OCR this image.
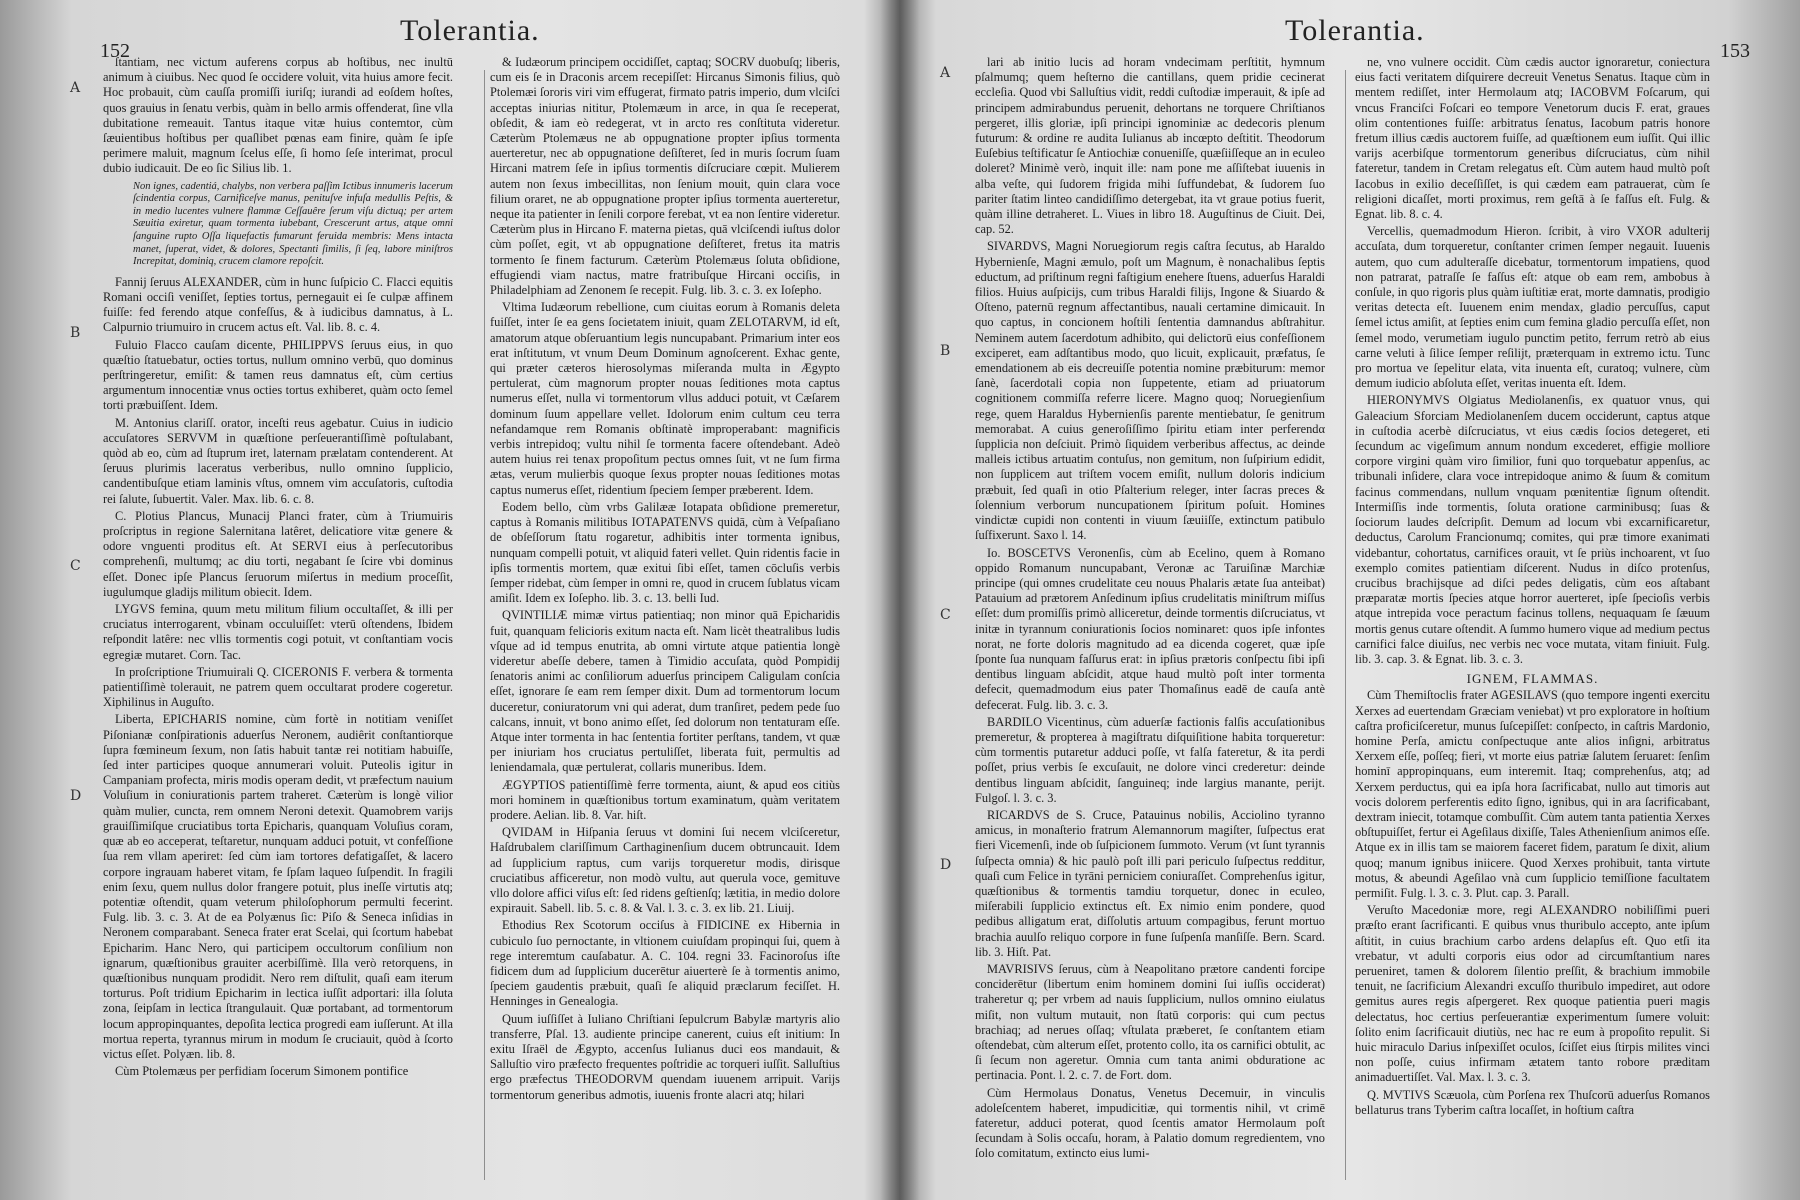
Tolerantia.
152
A
B
C
D

ſtantiam, nec victum auferens corpus ab hoſtibus, nec inultū animum à ciuibus. Nec quod ſe occidere voluit, vita huius amore fecit. Hoc probauit, cùm cauſſa promiſſi iuriſq; iurandi ad eoſdem hoſtes, quos grauius in ſenatu verbis, quàm in bello armis offenderat, ſine vlla dubitatione remeauit. Tantus itaque vitæ huius contemtor, cùm ſæuientibus hoſtibus per quaſlibet pœnas eam finire, quàm ſe ipſe perimere maluit, magnum ſcelus eſſe, ſi homo ſeſe interimat, procul dubio iudicauit. De eo ſic Silius lib. 1.

Non ignes, cadentiá, chalybs, non verbera paſſim Ictibus innumeris lacerum ſcindentia corpus, Carnificeſve manus, penituſve infuſa medullis Peſtis, & in medio lucentes vulnere flammæ Ceſſauêre ſerum viſu dictuq; per artem Sæuitia exiretur, quam tormenta iubebant, Crescerunt artus, atque omni ſanguine rupto Oſſa liquefactis fumarunt feruida membris: Mens intacta manet, ſuperat, videt, & dolores, Spectanti ſimilis, ſi ſeq, labore miniſtros Increpitat, dominiq, crucem clamore repoſcit.

Fannij ſeruus ALEXANDER, cùm in hunc ſuſpicio C. Flacci equitis Romani occiſi veniſſet, ſepties tortus, pernegauit ei ſe culpæ affinem fuiſſe: fed ferendo atque confeſſus, & à iudicibus damnatus, à L. Calpurnio triumuiro in crucem actus eſt. Val. lib. 8. c. 4.

Fuluio Flacco cauſam dicente, PHILIPPVS ſeruus eius, in quo quæſtio ſtatuebatur, octies tortus, nullum omnino verbū, quo dominus perſtringeretur, emiſit: & tamen reus damnatus eſt, cùm certius argumentum innocentiæ vnus octies tortus exhiberet, quàm octo ſemel torti præbuiſſent. Idem.

M. Antonius clariſſ. orator, inceſti reus agebatur. Cuius in iudicio accuſatores SERVVM in quæſtione perſeuerantiſſimè poſtulabant, quòd ab eo, cùm ad ſtuprum iret, laternam prælatam contenderent. At ſeruus plurimis laceratus verberibus, nullo omnino ſupplicio, candentibuſque etiam laminis vſtus, omnem vim accuſatoris, cuſtodia rei ſalute, ſubuertit. Valer. Max. lib. 6. c. 8.

C. Plotius Plancus, Munacij Planci frater, cùm à Triumuiris proſcriptus in regione Salernitana latêret, delicatiore vitæ genere & odore vnguenti proditus eſt. At SERVI eius à perſecutoribus comprehenſi, multumq; ac diu torti, negabant ſe ſcire vbi dominus eſſet. Donec ipſe Plancus ſeruorum miſertus in medium proceſſit, iugulumque gladijs militum obiecit. Idem.

LYGVS femina, quum metu militum filium occultaſſet, & illi per cruciatus interrogarent, vbinam occuluiſſet: vterū oſtendens, Ibidem reſpondit latêre: nec vllis tormentis cogi potuit, vt conſtantiam vocis egregiæ mutaret. Corn. Tac.

In proſcriptione Triumuirali Q. CICERONIS F. verbera & tormenta patientiſſimè tolerauit, ne patrem quem occultarat prodere cogeretur. Xiphilinus in Auguſto.

Liberta, EPICHARIS nomine, cùm fortè in notitiam veniſſet Piſonianæ conſpirationis aduerſus Neronem, audiêrit conſtantiorque ſupra fœmineum ſexum, non ſatis habuit tantæ rei notitiam habuiſſe, ſed inter participes quoque annumerari voluit. Puteolis igitur in Campaniam profecta, miris modis operam dedit, vt præfectum nauium Voluſium in coniurationis partem traheret. Cæterùm is longè vilior quàm mulier, cuncta, rem omnem Neroni detexit. Quamobrem varijs grauiſſimiſque cruciatibus torta Epicharis, quanquam Voluſius coram, quæ ab eo acceperat, teſtaretur, nunquam adduci potuit, vt confeſſione ſua rem vllam aperiret: ſed cùm iam tortores defatigaſſet, & lacero corpore ingrauam haberet vitam, fe ſpſam laqueo ſuſpendit. In fragili enim ſexu, quem nullus dolor frangere potuit, plus ineſſe virtutis atq; potentiæ oſtendit, quam veterum philoſophorum permulti fecerint. Fulg. lib. 3. c. 3. At de ea Polyænus ſic: Piſo & Seneca inſidias in Neronem comparabant. Seneca frater erat Scelai, qui ſcortum habebat Epicharim. Hanc Nero, qui participem occultorum conſilium non ignarum, quæſtionibus grauiter acerbiſſimè. Illa verò retorquens, in quæſtionibus nunquam prodidit. Nero rem diſtulit, quaſi eam iterum torturus. Poſt tridium Epicharim in lectica iuſſit adportari: illa ſoluta zona, ſeipſam in lectica ſtrangulauit. Quæ portabant, ad tormentorum locum appropinquantes, depoſita lectica progredi eam iuſſerunt. At illa mortua reperta, tyrannus mirum in modum ſe cruciauit, quòd à ſcorto victus eſſet. Polyæn. lib. 8.

Cùm Ptolemæus per perfidiam ſocerum Simonem pontifice

& Iudæorum principem occidiſſet, captaq; SOCRV duobuſq; liberis, cum eis ſe in Draconis arcem recepiſſet: Hircanus Simonis filius, quò Ptolemæi ſororis viri vim effugerat, firmato patris imperio, dum vlciſci acceptas iniurias nititur, Ptolemæum in arce, in qua ſe receperat, obſedit, & iam eò redegerat, vt in arcto res conſtituta videretur. Cæterùm Ptolemæus ne ab oppugnatione propter ipſius tormenta auerteretur, nec ab oppugnatione deſiſteret, ſed in muris ſocrum ſuam Hircani matrem ſeſe in ipſius tormentis diſcruciare cœpit. Mulierem autem non ſexus imbecillitas, non ſenium mouit, quin clara voce filium oraret, ne ab oppugnatione propter ipſius tormenta auerteretur, neque ita patienter in ſenili corpore ferebat, vt ea non ſentire videretur. Cæterùm plus in Hircano F. materna pietas, quā vlciſcendi iuſtus dolor cùm poſſet, egit, vt ab oppugnatione deſiſteret, fretus ita matris tormento ſe finem facturum. Cæterùm Ptolemæus ſoluta obſidione, effugiendi viam nactus, matre fratribuſque Hircani occiſis, in Philadelphiam ad Zenonem ſe recepit. Fulg. lib. 3. c. 3. ex Ioſepho.

Vltima Iudæorum rebellione, cum ciuitas eorum à Romanis deleta fuiſſet, inter ſe ea gens ſocietatem iniuit, quam ZELOTARVM, id eſt, amatorum atque obſeruantium legis nuncupabant. Primarium inter eos erat inſtitutum, vt vnum Deum Dominum agnoſcerent. Exhac gente, qui præter cæteros hierosolymas miſeranda multa in Ægypto pertulerat, cùm magnorum propter nouas ſeditiones mota captus numerus eſſet, nulla vi tormentorum vllus adduci potuit, vt Cæſarem dominum ſuum appellare vellet. Idolorum enim cultum ceu terra nefandamque rem Romanis obſtinatè improperabant: magnificis verbis intrepidoq; vultu nihil ſe tormenta facere oſtendebant. Adeò autem huius rei tenax propoſitum pectus omnes ſuit, vt ne ſum firma ætas, verum mulierbis quoque ſexus propter nouas ſeditiones motas captus numerus eſſet, ridentium ſpeciem ſemper præberent. Idem.

Eodem bello, cùm vrbs Galilææ Iotapata obſidione premeretur, captus à Romanis militibus IOTAPATENVS quidā, cùm à Veſpaſiano de obſeſſorum ſtatu rogaretur, adhibitis inter tormenta ignibus, nunquam compelli potuit, vt aliquid fateri vellet. Quin ridentis facie in ipſis tormentis mortem, quæ exitui ſibi eſſet, tamen cōcluſis verbis ſemper ridebat, cùm ſemper in omni re, quod in crucem ſublatus vicam amiſit. Idem ex Ioſepho. lib. 3. c. 13. belli Iud.

QVINTILIÆ mimæ virtus patientiaq; non minor quā Epicharidis fuit, quanquam felicioris exitum nacta eſt. Nam licèt theatralibus ludis vſque ad id tempus enutrita, ab omni virtute atque patientia longè videretur abeſſe debere, tamen à Timidio accuſata, quòd Pompidij ſenatoris animi ac conſiliorum aduerſus principem Caligulam conſcia eſſet, ignorare ſe eam rem ſemper dixit. Dum ad tormentorum locum duceretur, coniuratorum vni qui aderat, dum tranſiret, pedem pede ſuo calcans, innuit, vt bono animo eſſet, ſed dolorum non tentaturam eſſe. Atque inter tormenta in hac ſententia fortiter perſtans, tandem, vt quæ per iniuriam hos cruciatus pertuliſſet, liberata fuit, permultis ad leniendamala, quæ pertulerat, collaris muneribus. Idem.

ÆGYPTIOS patientiſſimè ferre tormenta, aiunt, & apud eos citiùs mori hominem in quæſtionibus tortum examinatum, quàm veritatem prodere. Aelian. lib. 8. Var. hiſt.

QVIDAM in Hiſpania ſeruus vt domini ſui necem vlciſceretur, Haſdrubalem clariſſimum Carthaginenſium ducem obtruncauit. Idem ad ſupplicium raptus, cum varijs torqueretur modis, dirisque cruciatibus afficeretur, non modò vultu, aut querula voce, gemituve vllo dolore affici viſus eſt: ſed ridens geſtienſq; lætitia, in medio dolore expirauit. Sabell. lib. 5. c. 8. & Val. l. 3. c. 3. ex lib. 21. Liuij.

Ethodius Rex Scotorum occiſus à FIDICINE ex Hibernia in cubiculo ſuo pernoctante, in vltionem cuiuſdam propinqui ſui, quem à rege interemtum cauſabatur. A. C. 104. regni 33. Facinoroſus iſte fidicem dum ad ſupplicium ducerētur aiuerterè ſe à tormentis animo, ſpeciem gaudentis præbuit, quaſi ſe aliquid præclarum feciſſet. H. Henninges in Genealogia.

Quum iuſſiſſet à Iuliano Chriſtiani ſepulcrum Babylæ martyris alio transferre, Pſal. 13. audiente principe canerent, cuius eſt initium: In exitu Iſraël de Ægypto, accenſus Iulianus duci eos mandauit, & Salluſtio viro præfecto frequentes poſtridie ac torqueri iuſſit. Salluſtius ergo præfectus THEODORVM quendam iuuenem arripuit. Varijs tormentorum generibus admotis, iuuenis fronte alacri atq; hilari

Tolerantia.
153
A
B
C
D

lari ab initio lucis ad horam vndecimam perſtitit, hymnum pſalmumq; quem heſterno die cantillans, quem pridie cecinerat eccleſia. Quod vbi Salluſtius vidit, reddi cuſtodiæ imperauit, & ipſe ad principem admirabundus peruenit, dehortans ne torquere Chriſtianos pergeret, illis gloriæ, ipſi principi ignominiæ ac dedecoris plenum futurum: & ordine re audita Iulianus ab incœpto deſtitit. Theodorum Euſebius teſtificatur ſe Antiochiæ conueniſſe, quæſiiſſeque an in eculeo doleret? Minimè verò, inquit ille: nam pone me aſſiſtebat iuuenis in alba veſte, qui ſudorem frigida mihi ſuffundebat, & ſudorem ſuo pariter ſtatim linteo candidiſſimo detergebat, ita vt graue potius fuerit, quàm illine detraheret. L. Viues in libro 18. Auguſtinus de Ciuit. Dei, cap. 52.

SIVARDVS, Magni Noruegiorum regis caſtra ſecutus, ab Haraldo Hybernienſe, Magni æmulo, poſt um Magnum, è nonachalibus ſeptis eductum, ad priſtinum regni faſtigium enehere ſtuens, aduerſus Haraldi filios. Huius auſpicijs, cum tribus Haraldi filijs, Ingone & Siuardo & Oſteno, paternū regnum affectantibus, nauali certamine dimicauit. In quo captus, in concionem hoſtili ſententia damnandus abſtrahitur. Neminem autem ſacerdotum adhibito, qui delictorū eius confeſſionem exciperet, eam adſtantibus modo, quo licuit, explicauit, præfatus, ſe emendationem ab eis decreuiſſe potentia nomine præbiturum: memor ſanè, ſacerdotali copia non ſuppetente, etiam ad priuatorum cognitionem commiſſa referre licere. Magno quoq; Noruegienſium rege, quem Haraldus Hybernienſis parente mentiebatur, ſe genitrum memorabat. A cuius generoſiſſimo ſpiritu etiam inter perferendα ſupplicia non deſciuit. Primò ſiquidem verberibus affectus, ac deinde malleis ictibus artuatim contuſus, non gemitum, non ſuſpirium edidit, non ſupplicem aut triſtem vocem emiſit, nullum doloris indicium præbuit, ſed quaſi in otio Pſalterium releger, inter ſacras preces & ſolennium verborum nuncupationem ſpiritum poſuit. Homines vindictæ cupidi non contenti in viuum ſæuiiſſe, extinctum patibulo ſuſfixerunt. Saxo l. 14.

Io. BOSCETVS Veronenſis, cùm ab Ecelino, quem à Romano oppido Romanum nuncupabant, Veronæ ac Taruiſinæ Marchiæ principe (qui omnes crudelitate ceu nouus Phalaris ætate ſua anteibat) Patauium ad prætorem Anſedinum ipſius crudelitatis miniſtrum miſſus eſſet: dum promiſſis primò alliceretur, deinde tormentis diſcruciatus, vt initæ in tyrannum coniurationis ſocios nominaret: quos ipſe infontes norat, ne forte doloris magnitudo ad ea dicenda cogeret, quæ ipſe ſponte ſua nunquam faſſurus erat: in ipſius prætoris conſpectu ſibi ipſi dentibus linguam abſcidit, atque haud multò poſt inter tormenta defecit, quemadmodum eius pater Thomaſinus eadē de cauſa antè defecerat. Fulg. lib. 3. c. 3.

BARDILO Vicentinus, cùm aduerſæ factionis falſis accuſationibus premeretur, & propterea à magiſtratu diſquiſitione habita torqueretur: cùm tormentis putaretur adduci poſſe, vt falſa fateretur, & ita perdi poſſet, prius verbis ſe excuſauit, ne dolore vinci crederetur: deinde dentibus linguam abſcidit, ſanguineq; inde largius manante, perijt. Fulgoſ. l. 3. c. 3.

RICARDVS de S. Cruce, Patauinus nobilis, Acciolino tyranno amicus, in monaſterio fratrum Alemannorum magiſter, ſuſpectus erat fieri Vicemenſi, inde ob ſuſpicionem ſummoto. Verum (vt ſunt tyrannis ſuſpecta omnia) & hic paulò poſt illi pari periculo ſuſpectus redditur, quaſi cum Felice in tyrāni perniciem coniuraſſet. Comprehenſus igitur, quæſtionibus & tormentis tamdiu torquetur, donec in eculeo, miſerabili ſupplicio extinctus eſt. Ex nimio enim pondere, quod pedibus alligatum erat, diſſolutis artuum compagibus, ferunt mortuo brachia auulſo reliquo corpore in fune ſuſpenſa manſiſſe. Bern. Scard. lib. 3. Hiſt. Pat.

MAVRISIVS ſeruus, cùm à Neapolitano prætore candenti forcipe conciderētur (libertum enim hominem domini ſui iuſſis occiderat) traheretur q; per vrbem ad nauis ſupplicium, nullos omnino eiulatus miſit, non vultum mutauit, non ſtatū corporis: qui cum pectus brachiaq; ad nerues oſſaq; vſtulata præberet, ſe conſtantem etiam oſtendebat, cùm alterum eſſet, protento collo, ita os carnifici obtulit, ac ſi ſecum non ageretur. Omnia cum tanta animi obduratione ac pertinacia. Pont. l. 2. c. 7. de Fort. dom.

Cùm Hermolaus Donatus, Venetus Decemuir, in vinculis adoleſcentem haberet, impudicitiæ, qui tormentis nihil, vt crimē fateretur, adduci poterat, quod ſcentis amator Hermolaum poſt ſecundam à Solis occaſu, horam, à Palatio domum regredientem, vno ſolo comitatum, extincto eius lumi-

ne, vno vulnere occidit. Cùm cædis auctor ignoraretur, coniectura eius facti veritatem diſquirere decreuit Venetus Senatus. Itaque cùm in mentem rediſſet, inter Hermolaum atq; IACOBVM Foſcarum, qui vncus Franciſci Foſcari eo tempore Venetorum ducis F. erat, graues olim contentiones fuiſſe: arbitratus ſenatus, Iacobum patris honore fretum illius cædis auctorem fuiſſe, ad quæſtionem eum iuſſit. Qui illic varijs acerbiſque tormentorum generibus diſcruciatus, cùm nihil fateretur, tandem in Cretam relegatus eſt. Cùm autem haud multò poſt Iacobus in exilio deceſſiſſet, is qui cædem eam patrauerat, cùm ſe religioni dicaſſet, morti proximus, rem geſtā à ſe faſſus eſt. Fulg. & Egnat. lib. 8. c. 4.

Vercellis, quemadmodum Hieron. ſcribit, à viro VXOR adulterij accuſata, dum torqueretur, conſtanter crimen ſemper negauit. Iuuenis autem, quo cum adulteraſſe dicebatur, tormentorum impatiens, quod non patrarat, patraſſe ſe faſſus eſt: atque ob eam rem, ambobus à conſule, in quo rigoris plus quàm iuſtitiæ erat, morte damnatis, prodigio veritas detecta eſt. Iuuenem enim mendax, gladio percuſſus, caput ſemel ictus amiſit, at ſepties enim cum femina gladio percuſſa eſſet, non ſemel modo, verumetiam iugulo punctim petito, ferrum retrò ab eius carne veluti à ſilice ſemper reſilijt, præterquam in extremo ictu. Tunc pro mortua ve ſepelitur elata, vita inuenta eſt, curatoq; vulnere, cùm demum iudicio abſoluta eſſet, veritas inuenta eſt. Idem.

HIERONYMVS Olgiatus Mediolanenſis, ex quatuor vnus, qui Galeacium Sforciam Mediolanenſem ducem occiderunt, captus atque in cuſtodia acerbè diſcruciatus, vt eius cædis ſocios detegeret, eti ſecundum ac vigeſimum annum nondum excederet, effigie molliore corpore virgini quàm viro ſimilior, funi quo torquebatur appenſus, ac tribunali inſidere, clara voce intrepidoque animo & ſuum & comitum facinus commendans, nullum vnquam pœnitentiæ ſignum oſtendit. Intermiſſis inde tormentis, ſoluta oratione carminibusq; ſuas & ſociorum laudes deſcripſit. Demum ad locum vbi excarnificaretur, deductus, Carolum Francionumq; comites, qui præ timore exanimati videbantur, cohortatus, carnifices orauit, vt ſe priùs inchoarent, vt ſuo exemplo comites patientiam diſcerent. Nudus in diſco protenſus, crucibus brachijsque ad diſci pedes deligatis, cùm eos aſtabant præparatæ mortis ſpecies atque horror auerteret, ipſe ſpecioſis verbis atque intrepida voce peractum facinus tollens, nequaquam ſe ſæuum mortis genus cutare oſtendit. A ſummo humero vique ad medium pectus carnifici falce diuiſus, nec verbis nec voce mutata, vitam finiuit. Fulg. lib. 3. cap. 3. & Egnat. lib. 3. c. 3.

IGNEM, FLAMMAS.

Cùm Themiſtoclis frater AGESILAVS (quo tempore ingenti exercitu Xerxes ad euertendam Græciam veniebat) vt pro exploratore in hoſtium caſtra proficiſceretur, munus ſuſcepiſſet: conſpecto, in caſtris Mardonio, homine Perſa, amictu conſpectuque ante alios inſigni, arbitratus Xerxem eſſe, poſſeq; fieri, vt morte eius patriæ ſalutem ſeruaret: ſenſim hominī appropinquans, eum interemit. Itaq; comprehenſus, atq; ad Xerxem perductus, qui ea ipſa hora ſacrificabat, nullo aut timoris aut vocis dolorem perferentis edito ſigno, ignibus, qui in ara ſacrificabant, dextram iniecit, totamque combuſſit. Cùm autem tanta patientia Xerxes obſtupuiſſet, fertur ei Ageſilaus dixiſſe, Tales Athenienſium animos eſſe. Atque ex in illis tam se maiorem faceret fidem, paratum ſe dixit, alium quoq; manum ignibus iniicere. Quod Xerxes prohibuit, tanta virtute motus, & abeundi Ageſilao vnà cum ſupplicio temiſſione facultatem permiſit. Fulg. l. 3. c. 3. Plut. cap. 3. Parall.

Veruſto Macedoniæ more, regi ALEXANDRO nobiliſſimi pueri præſto erant ſacrificanti. E quibus vnus thuribulo accepto, ante ipſum aſtitit, in cuius brachium carbo ardens delapſus eſt. Quo etſi ita vrebatur, vt adulti corporis eius odor ad circumſtantium nares perueniret, tamen & dolorem ſilentio preſſit, & brachium immobile tenuit, ne ſacrificium Alexandri excuſſo thuribulo impediret, aut odore gemitus aures regis aſpergeret. Rex quoque patientia pueri magis delectatus, hoc certius perſeuerantiæ experimentum ſumere voluit: ſolito enim ſacrificauit diutiùs, nec hac re eum à propoſito repulit. Si huic miraculo Darius inſpexiſſet oculos, ſciſſet eius ſtirpis milites vinci non poſſe, cuius infirmam ætatem tanto robore præditam animaduertiſſet. Val. Max. l. 3. c. 3.

Q. MVTIVS Scæuola, cùm Porſena rex Thuſcorū aduerſus Romanos bellaturus trans Tyberim caſtra locaſſet, in hoſtium caſtra
